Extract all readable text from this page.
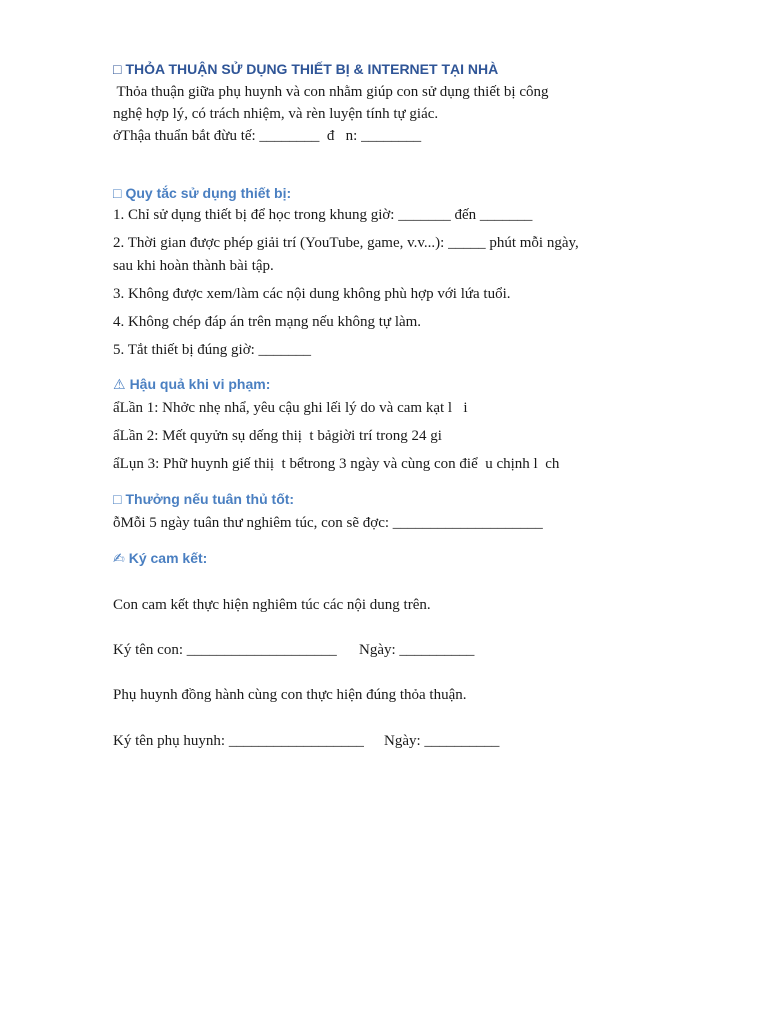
□ THỎA THUẬN SỬ DỤNG THIẾT BỊ & INTERNET TẠI NHÀ

Thỏa thuận giữa phụ huynh và con nhằm giúp con sử dụng thiết bị công

nghệ hợp lý, có trách nhiệm, và rèn luyện tính tự giác.

ởThậa thuẩn bắt đừu tế: ________  đ   n: ________

□ Quy tắc sử dụng thiết bị:

1. Chỉ sử dụng thiết bị để học trong khung giờ: _______ đến _______

2. Thời gian được phép giải trí (YouTube, game, v.v...): _____ phút mỗi ngày,

sau khi hoàn thành bài tập.

3. Không được xem/làm các nội dung không phù hợp với lứa tuổi.

4. Không chép đáp án trên mạng nếu không tự làm.

5. Tắt thiết bị đúng giờ: _______

⚠ Hậu quả khi vi phạm:

ẩLần 1: Nhởc nhẹ nhẩ, yêu cậu ghi lếi lý do và cam kạt l   i

ẩLần 2: Mết quyửn sụ dếng thiị  t bảgiời trí trong 24 gi

ẩLụn 3: Phữ huynh giế thiị  t bểtrong 3 ngày và cùng con điể  u chịnh l  ch

□ Thưởng nếu tuân thủ tốt:

ỗMỗi 5 ngày tuân thư nghiêm túc, con sẽ đợc: ____________________

✍ Ký cam kết:

Con cam kết thực hiện nghiêm túc các nội dung trên.

Ký tên con: ____________________ Ngày: __________

Phụ huynh đồng hành cùng con thực hiện đúng thỏa thuận.

Ký tên phụ huynh: __________________ Ngày: __________
